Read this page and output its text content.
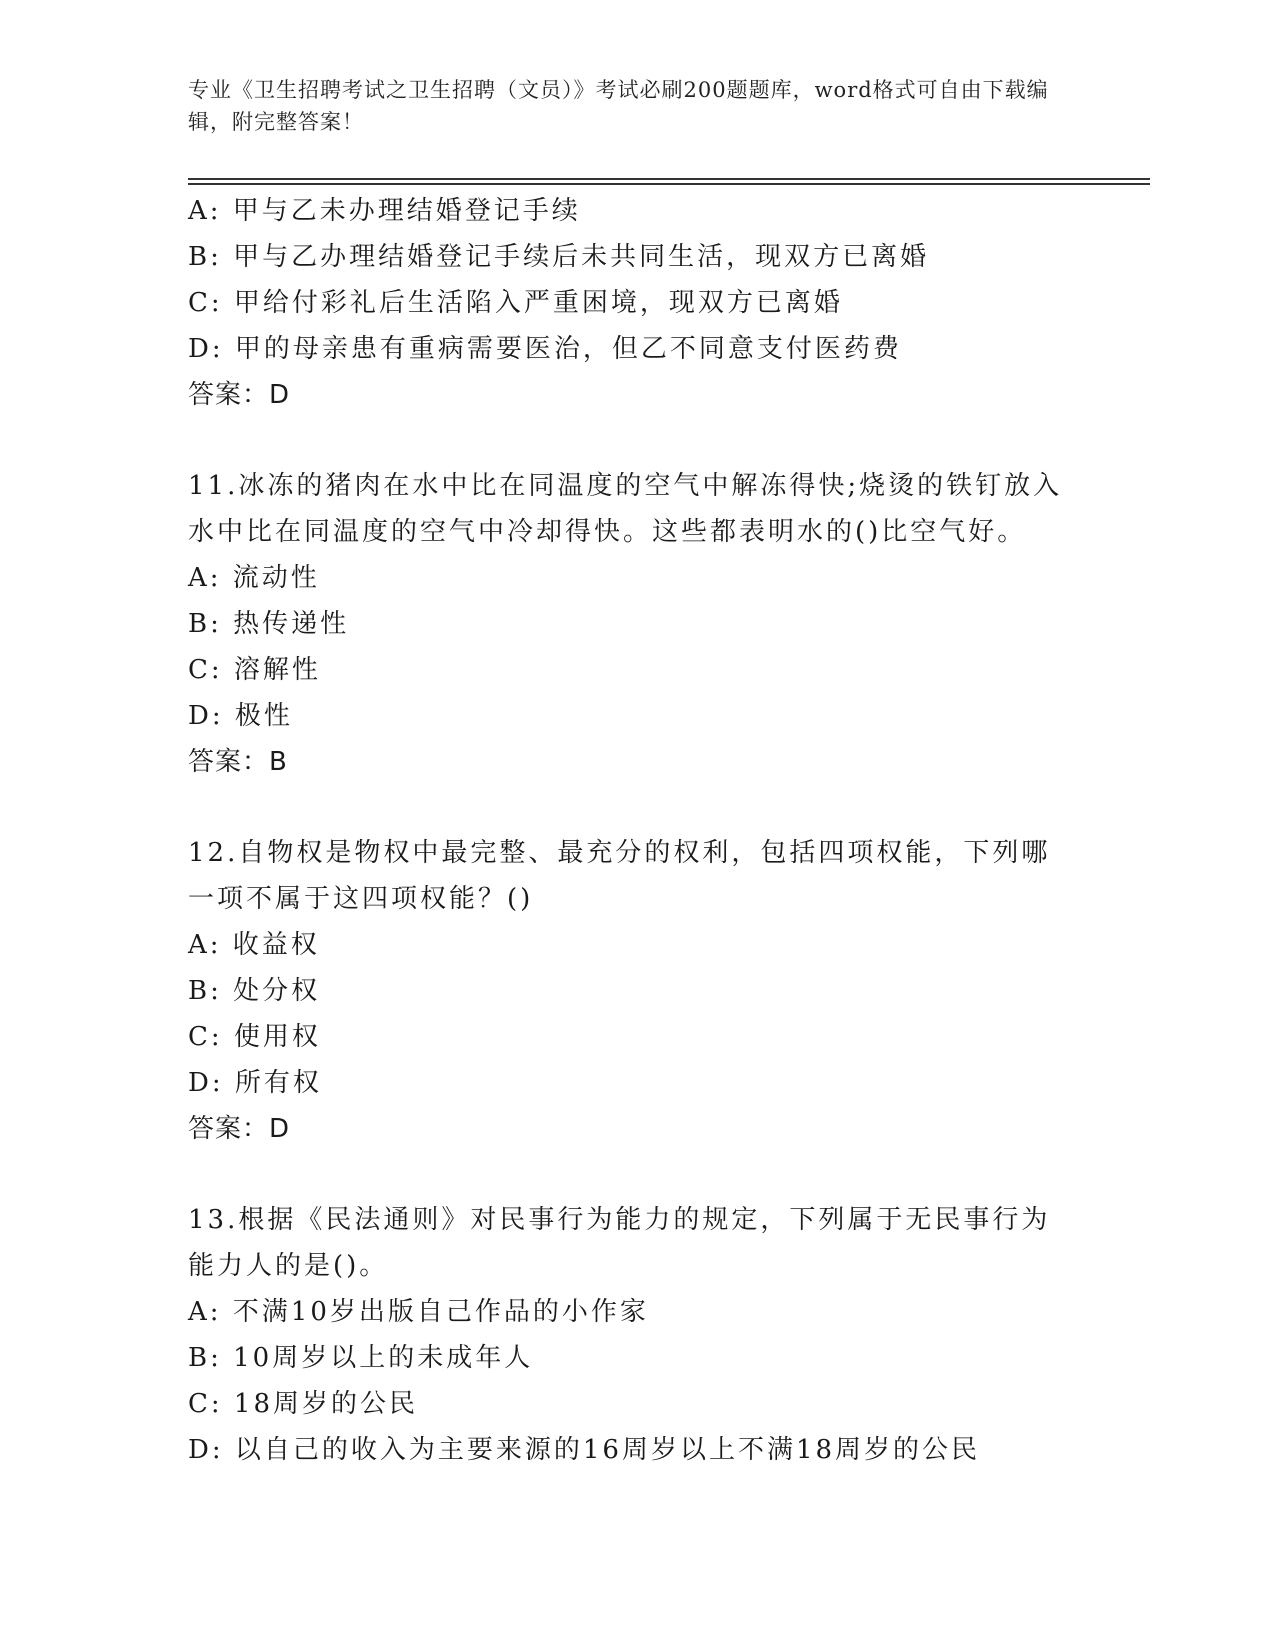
专业《卫生招聘考试之卫生招聘（文员）》考试必刷200题题库，word格式可自由下载编辑，附完整答案！
A: 甲与乙未办理结婚登记手续
B: 甲与乙办理结婚登记手续后未共同生活，现双方已离婚
C: 甲给付彩礼后生活陷入严重困境，现双方已离婚
D: 甲的母亲患有重病需要医治，但乙不同意支付医药费
答案：D
11.冰冻的猪肉在水中比在同温度的空气中解冻得快;烧烫的铁钉放入水中比在同温度的空气中冷却得快。这些都表明水的()比空气好。
A: 流动性
B: 热传递性
C: 溶解性
D: 极性
答案：B
12.自物权是物权中最完整、最充分的权利，包括四项权能，下列哪一项不属于这四项权能？()
A: 收益权
B: 处分权
C: 使用权
D: 所有权
答案：D
13.根据《民法通则》对民事行为能力的规定，下列属于无民事行为能力人的是()。
A: 不满10岁出版自己作品的小作家
B: 10周岁以上的未成年人
C: 18周岁的公民
D: 以自己的收入为主要来源的16周岁以上不满18周岁的公民
